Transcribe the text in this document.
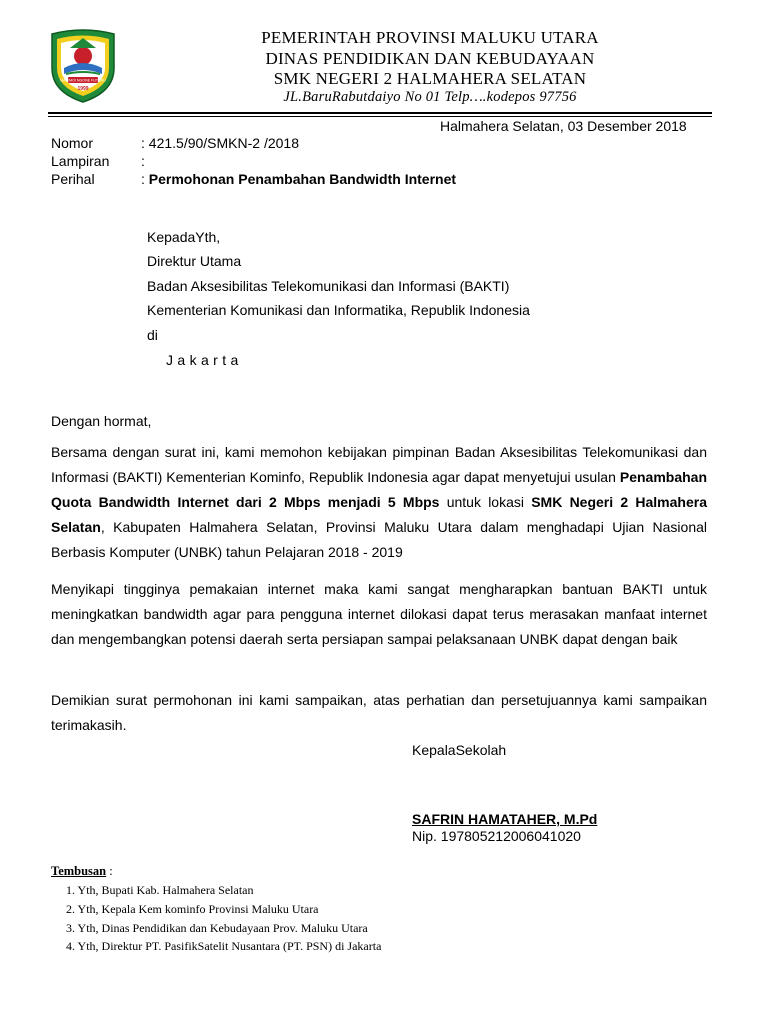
MARIMOI NGONE FUTURU
1999
PEMERINTAH PROVINSI MALUKU UTARA
DINAS PENDIDIKAN DAN KEBUDAYAAN
SMK NEGERI 2 HALMAHERA SELATAN
JL.BaruRabutdaiyo No 01 Telp….kodepos 97756
Halmahera Selatan, 03 Desember 2018
Nomor	: 421.5/90/SMKN-2 /2018
Lampiran :
Perihal	: Permohonan Penambahan Bandwidth Internet
KepadaYth,
Direktur Utama
Badan Aksesibilitas Telekomunikasi dan Informasi (BAKTI)
Kementerian Komunikasi dan Informatika, Republik Indonesia
di
Jakarta
Dengan hormat,
Bersama dengan surat ini, kami memohon kebijakan pimpinan Badan Aksesibilitas Telekomunikasi dan Informasi (BAKTI) Kementerian Kominfo, Republik Indonesia agar dapat menyetujui usulan Penambahan Quota Bandwidth Internet dari 2 Mbps menjadi 5 Mbps untuk lokasi SMK Negeri 2 Halmahera Selatan, Kabupaten Halmahera Selatan, Provinsi Maluku Utara dalam menghadapi Ujian Nasional Berbasis Komputer (UNBK) tahun Pelajaran 2018 - 2019
Menyikapi tingginya pemakaian internet maka kami sangat mengharapkan bantuan BAKTI untuk meningkatkan bandwidth agar para pengguna internet dilokasi dapat terus merasakan manfaat internet dan mengembangkan potensi daerah serta persiapan sampai pelaksanaan UNBK dapat dengan baik
Demikian surat permohonan ini kami sampaikan, atas perhatian dan persetujuannya kami sampaikan terimakasih.
KepalaSekolah
SAFRIN HAMATAHER, M.Pd
Nip. 197805212006041020
Tembusan :
1. Yth, Bupati Kab. Halmahera Selatan
2. Yth, Kepala Kem kominfo Provinsi Maluku Utara
3. Yth, Dinas Pendidikan dan Kebudayaan Prov. Maluku Utara
4. Yth, Direktur PT. PasifikSatelit Nusantara (PT. PSN) di Jakarta
